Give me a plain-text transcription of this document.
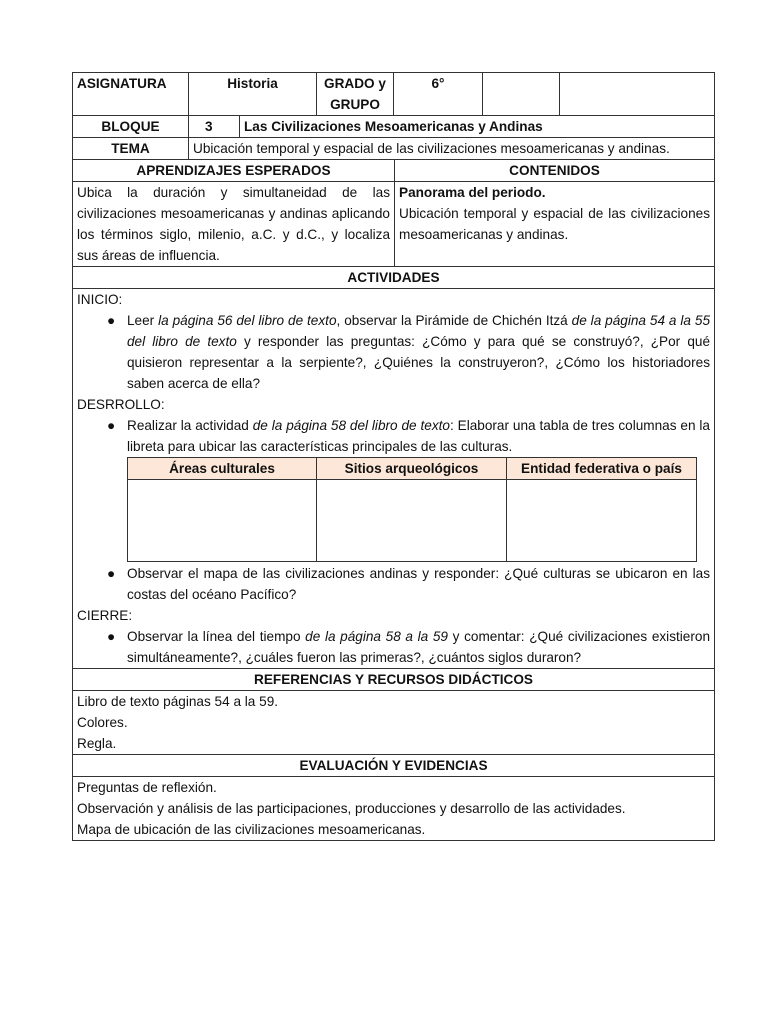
ASIGNATURA	Historia		GRADO y GRUPO	6°		
BLOQUE	3	Las Civilizaciones Mesoamericanas y Andinas				
TEMA	Ubicación temporal y espacial de las civilizaciones mesoamericanas y andinas.					
APRENDIZAJES ESPERADOS	CONTENIDOS
Ubica la duración y simultaneidad de las civilizaciones mesoamericanas y andinas aplicando los términos siglo, milenio, a.C. y d.C., y localiza sus áreas de influencia.	Panorama del periodo.
Ubicación temporal y espacial de las civilizaciones mesoamericanas y andinas.
ACTIVIDADES

INICIO:
● Leer la página 56 del libro de texto, observar la Pirámide de Chichén Itzá de la página 54 a la 55 del libro de texto y responder las preguntas: ¿Cómo y para qué se construyó?, ¿Por qué quisieron representar a la serpiente?, ¿Quiénes la construyeron?, ¿Cómo los historiadores saben acerca de ella?
DESRROLLO:
● Realizar la actividad de la página 58 del libro de texto: Elaborar una tabla de tres columnas en la libreta para ubicar las características principales de las culturas.
Áreas culturales	Sitios arqueológicos	Entidad federativa o país

● Observar el mapa de las civilizaciones andinas y responder: ¿Qué culturas se ubicaron en las costas del océano Pacífico?
CIERRE:
● Observar la línea del tiempo de la página 58 a la 59 y comentar: ¿Qué civilizaciones existieron simultáneamente?, ¿cuáles fueron las primeras?, ¿cuántos siglos duraron?

REFERENCIAS Y RECURSOS DIDÁCTICOS

Libro de texto páginas 54 a la 59.
Colores.
Regla.

EVALUACIÓN Y EVIDENCIAS

Preguntas de reflexión.
Observación y análisis de las participaciones, producciones y desarrollo de las actividades.
Mapa de ubicación de las civilizaciones mesoamericanas.
